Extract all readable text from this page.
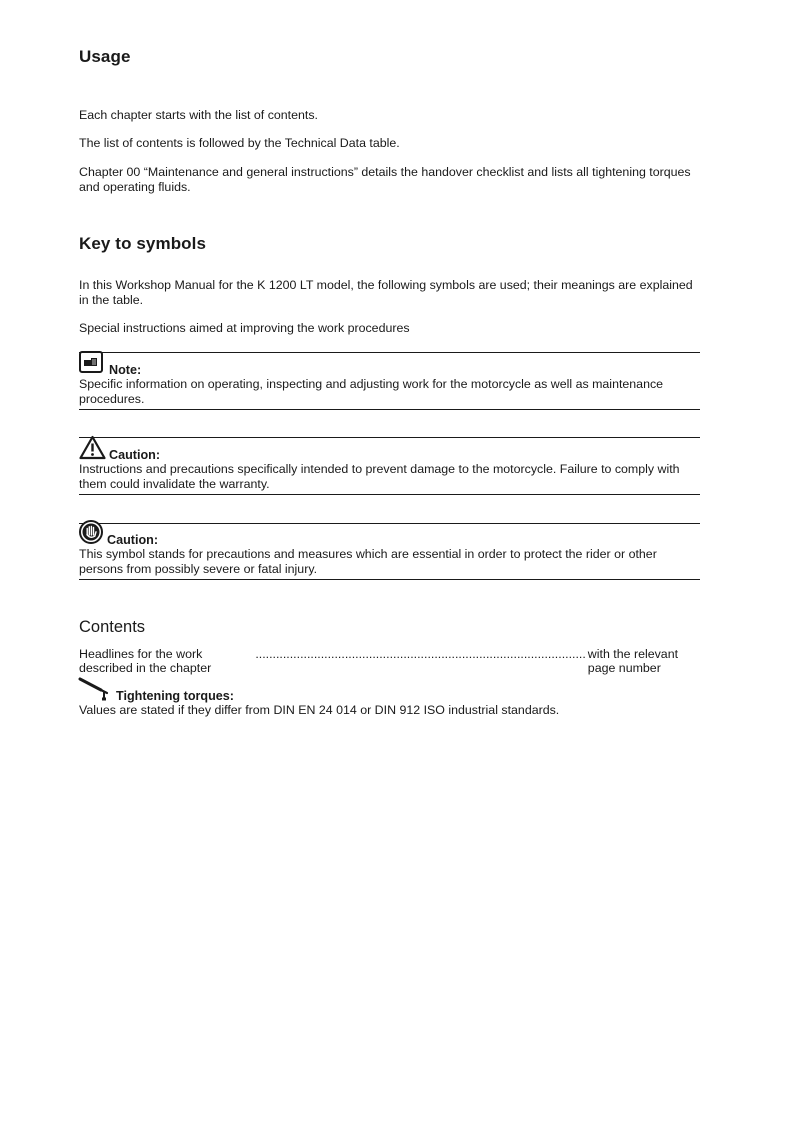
Usage
Each chapter starts with the list of contents.
The list of contents is followed by the Technical Data table.
Chapter 00 “Maintenance and general instructions” details the handover checklist and lists all tightening torques and operating fluids.
Key to symbols
In this Workshop Manual for the K 1200 LT model, the following symbols are used; their meanings are explained in the table.
Special instructions aimed at improving the work procedures
Note:
Specific information on operating, inspecting and adjusting work for the motorcycle as well as maintenance procedures.
Caution:
Instructions and precautions specifically intended to prevent damage to the motorcycle. Failure to comply with them could invalidate the warranty.
Caution:
This symbol stands for precautions and measures which are essential in order to protect the rider or other persons from possibly severe or fatal injury.
Contents
Headlines for the work described in the chapter
................................................................................................ with the relevant page number
Tightening torques:
Values are stated if they differ from DIN EN 24 014 or DIN 912 ISO industrial standards.
